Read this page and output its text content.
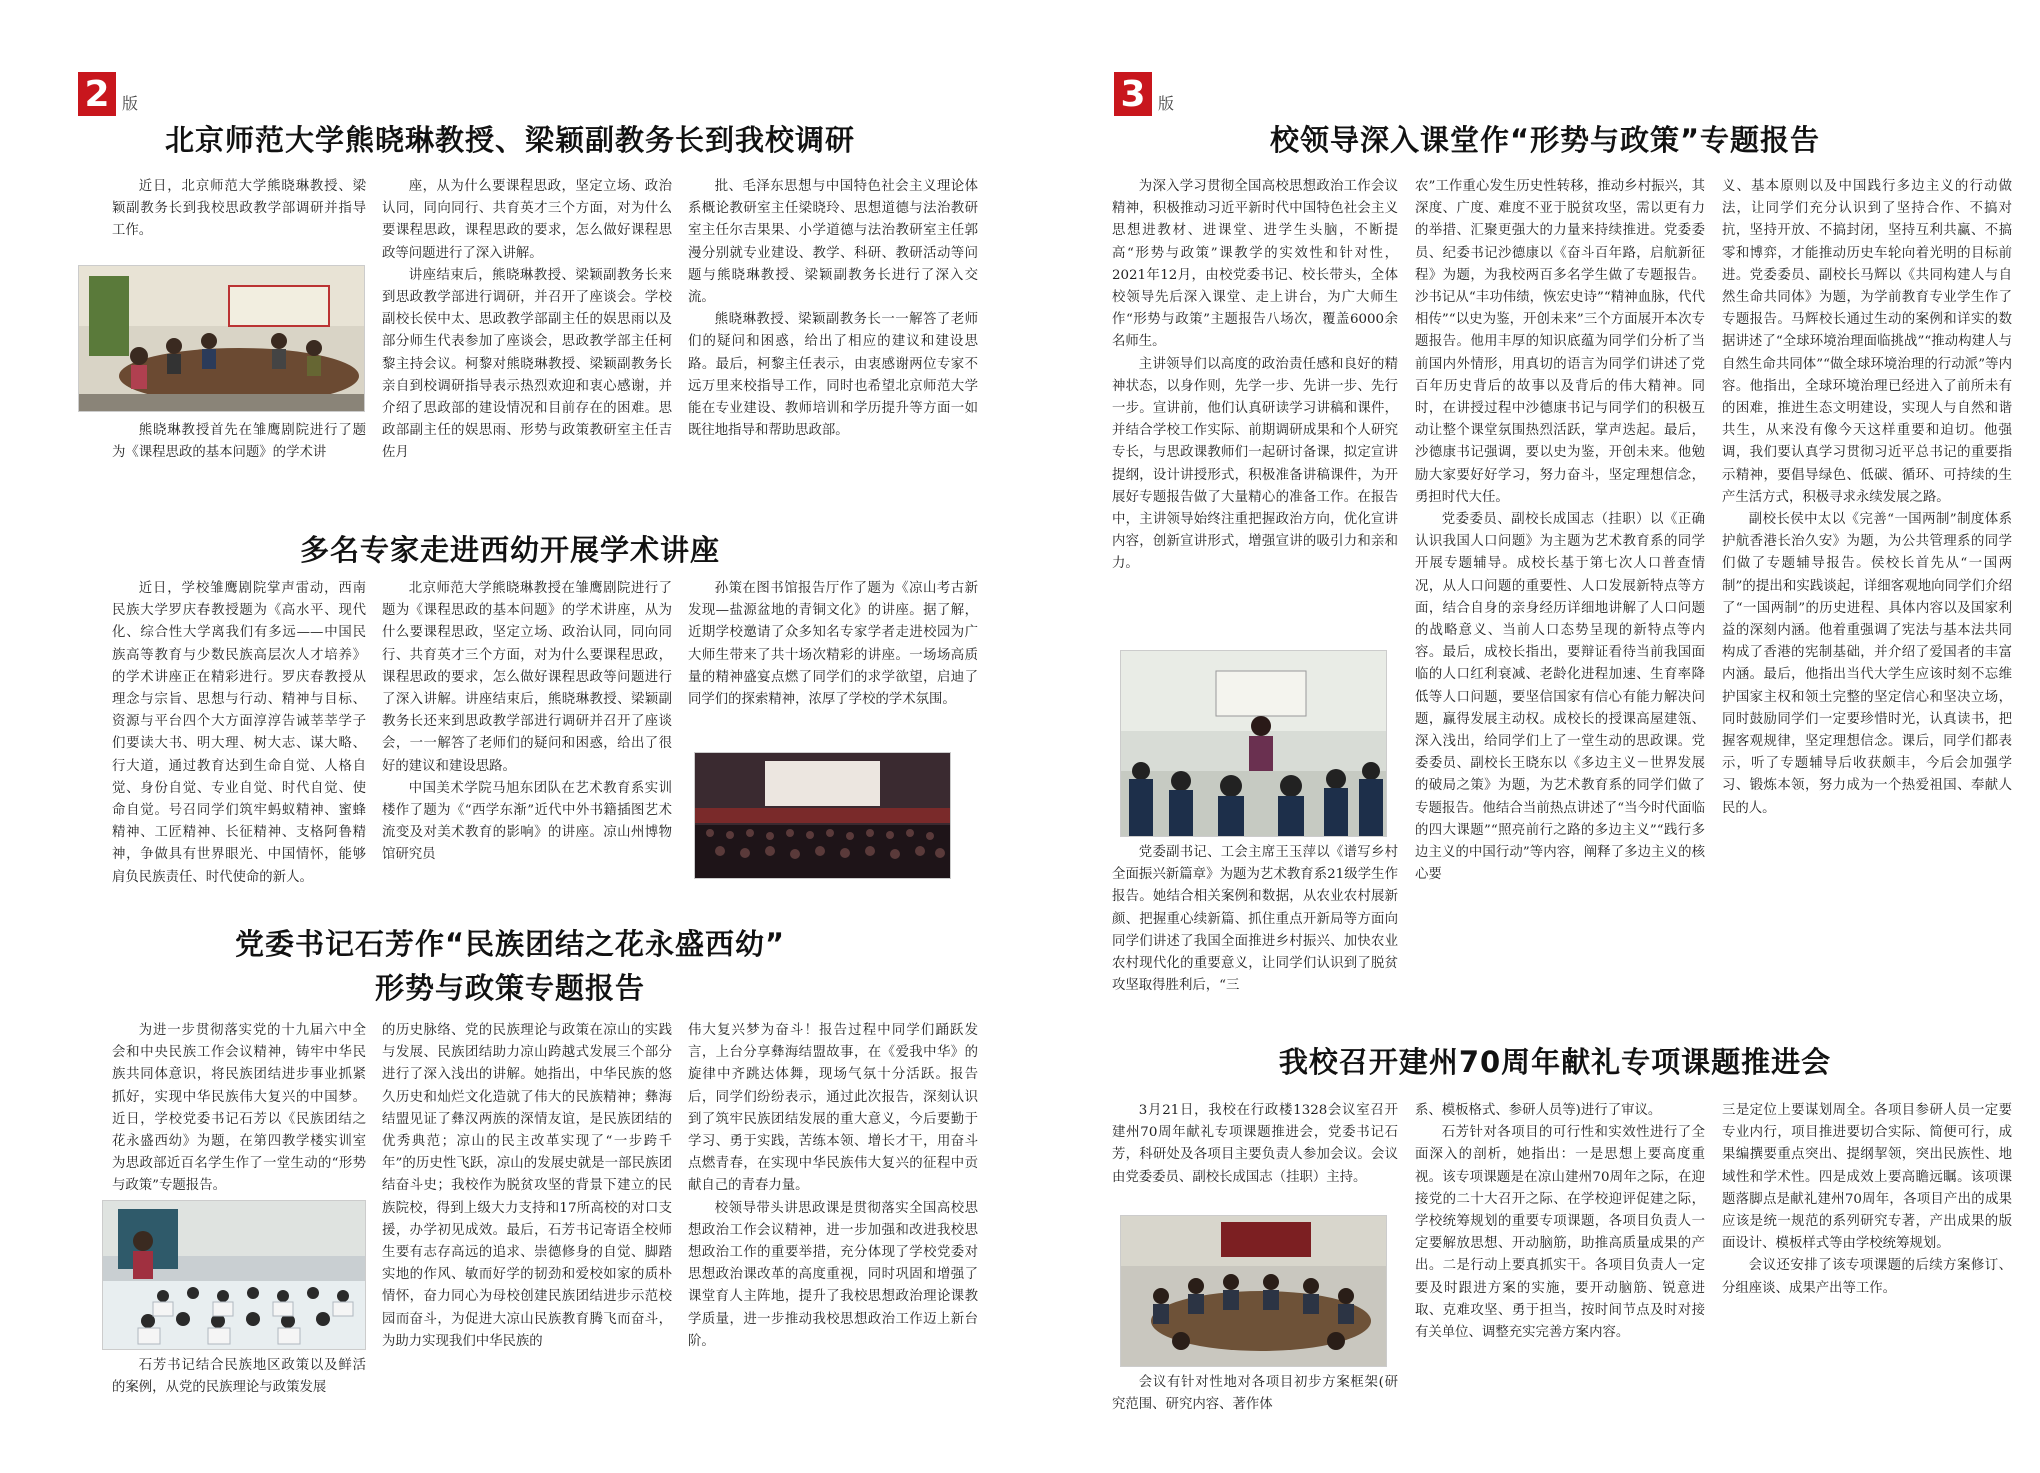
2 版
北京师范大学熊晓琳教授、梁颖副教务长到我校调研

近日，北京师范大学熊晓琳教授、梁颖副教务长到我校思政教学部调研并指导工作。

熊晓琳教授首先在雏鹰剧院进行了题为《课程思政的基本问题》的学术讲

座，从为什么要课程思政，坚定立场、政治认同，同向同行、共育英才三个方面，对为什么要课程思政，课程思政的要求，怎么做好课程思政等问题进行了深入讲解。

讲座结束后，熊晓琳教授、梁颖副教务长来到思政教学部进行调研，并召开了座谈会。学校副校长侯中太、思政教学部副主任的娱思雨以及部分师生代表参加了座谈会，思政教学部主任柯黎主持会议。柯黎对熊晓琳教授、梁颖副教务长亲自到校调研指导表示热烈欢迎和衷心感谢，并介绍了思政部的建设情况和目前存在的困难。思政部副主任的娱思雨、形势与政策教研室主任吉佐月

批、毛泽东思想与中国特色社会主义理论体系概论教研室主任梁晓玲、思想道德与法治教研室主任尔吉果果、小学道德与法治教研室主任郭漫分别就专业建设、教学、科研、教研活动等问题与熊晓琳教授、梁颖副教务长进行了深入交流。

熊晓琳教授、梁颖副教务长一一解答了老师们的疑问和困惑，给出了相应的建议和建设思路。最后，柯黎主任表示，由衷感谢两位专家不远万里来校指导工作，同时也希望北京师范大学能在专业建设、教师培训和学历提升等方面一如既往地指导和帮助思政部。

多名专家走进西幼开展学术讲座

近日，学校雏鹰剧院掌声雷动，西南民族大学罗庆春教授题为《高水平、现代化、综合性大学离我们有多远——中国民族高等教育与少数民族高层次人才培养》的学术讲座正在精彩进行。罗庆春教授从理念与宗旨、思想与行动、精神与目标、资源与平台四个大方面淳淳告诫莘莘学子们要读大书、明大理、树大志、谋大略、行大道，通过教育达到生命自觉、人格自觉、身份自觉、专业自觉、时代自觉、使命自觉。号召同学们筑牢蚂蚁精神、蜜蜂精神、工匠精神、长征精神、支格阿鲁精神，争做具有世界眼光、中国情怀，能够肩负民族责任、时代使命的新人。

北京师范大学熊晓琳教授在雏鹰剧院进行了题为《课程思政的基本问题》的学术讲座，从为什么要课程思政，坚定立场、政治认同，同向同行、共育英才三个方面，对为什么要课程思政，课程思政的要求，怎么做好课程思政等问题进行了深入讲解。讲座结束后，熊晓琳教授、梁颖副教务长还来到思政教学部进行调研并召开了座谈会，一一解答了老师们的疑问和困惑，给出了很好的建议和建设思路。

中国美术学院马旭东团队在艺术教育系实训楼作了题为《“西学东渐”近代中外书籍插图艺术流变及对美术教育的影响》的讲座。凉山州博物馆研究员

孙策在图书馆报告厅作了题为《凉山考古新发现—盐源盆地的青铜文化》的讲座。据了解，近期学校邀请了众多知名专家学者走进校园为广大师生带来了共十场次精彩的讲座。一场场高质量的精神盛宴点燃了同学们的求学欲望，启迪了同学们的探索精神，浓厚了学校的学术氛围。

党委书记石芳作“民族团结之花永盛西幼”
形势与政策专题报告

为进一步贯彻落实党的十九届六中全会和中央民族工作会议精神，铸牢中华民族共同体意识，将民族团结进步事业抓紧抓好，实现中华民族伟大复兴的中国梦。近日，学校党委书记石芳以《民族团结之花永盛西幼》为题，在第四教学楼实训室为思政部近百名学生作了一堂生动的“形势与政策”专题报告。

石芳书记结合民族地区政策以及鲜活的案例，从党的民族理论与政策发展

的历史脉络、党的民族理论与政策在凉山的实践与发展、民族团结助力凉山跨越式发展三个部分进行了深入浅出的讲解。她指出，中华民族的悠久历史和灿烂文化造就了伟大的民族精神；彝海结盟见证了彝汉两族的深情友谊，是民族团结的优秀典范；凉山的民主改革实现了“一步跨千年”的历史性飞跃，凉山的发展史就是一部民族团结奋斗史；我校作为脱贫攻坚的背景下建立的民族院校，得到上级大力支持和17所高校的对口支援，办学初见成效。最后，石芳书记寄语全校师生要有志存高远的追求、崇德修身的自觉、脚踏实地的作风、敏而好学的韧劲和爱校如家的质朴情怀，奋力同心为母校创建民族团结进步示范校园而奋斗，为促进大凉山民族教育腾飞而奋斗，为助力实现我们中华民族的

伟大复兴梦为奋斗！报告过程中同学们踊跃发言，上台分享彝海结盟故事，在《爱我中华》的旋律中齐跳达体舞，现场气氛十分活跃。报告后，同学们纷纷表示，通过此次报告，深刻认识到了筑牢民族团结发展的重大意义，今后要勤于学习、勇于实践，苦练本领、增长才干，用奋斗点燃青春，在实现中华民族伟大复兴的征程中贡献自己的青春力量。

校领导带头讲思政课是贯彻落实全国高校思想政治工作会议精神，进一步加强和改进我校思想政治工作的重要举措，充分体现了学校党委对思想政治课改革的高度重视，同时巩固和增强了课堂育人主阵地，提升了我校思想政治理论课教学质量，进一步推动我校思想政治工作迈上新台阶。

3 版
校领导深入课堂作“形势与政策”专题报告

为深入学习贯彻全国高校思想政治工作会议精神，积极推动习近平新时代中国特色社会主义思想进教材、进课堂、进学生头脑，不断提高“形势与政策”课教学的实效性和针对性，2021年12月，由校党委书记、校长带头，全体校领导先后深入课堂、走上讲台，为广大师生作“形势与政策”主题报告八场次，覆盖6000余名师生。

主讲领导们以高度的政治责任感和良好的精神状态，以身作则，先学一步、先讲一步、先行一步。宣讲前，他们认真研读学习讲稿和课件，并结合学校工作实际、前期调研成果和个人研究专长，与思政课教师们一起研讨备课，拟定宣讲提纲，设计讲授形式，积极准备讲稿课件，为开展好专题报告做了大量精心的准备工作。在报告中，主讲领导始终注重把握政治方向，优化宣讲内容，创新宣讲形式，增强宣讲的吸引力和亲和力。

党委副书记、工会主席王玉萍以《谱写乡村全面振兴新篇章》为题为艺术教育系21级学生作报告。她结合相关案例和数据，从农业农村展新颜、把握重心续新篇、抓住重点开新局等方面向同学们讲述了我国全面推进乡村振兴、加快农业农村现代化的重要意义，让同学们认识到了脱贫攻坚取得胜利后，“三

农”工作重心发生历史性转移，推动乡村振兴，其深度、广度、难度不亚于脱贫攻坚，需以更有力的举措、汇聚更强大的力量来持续推进。党委委员、纪委书记沙德康以《奋斗百年路，启航新征程》为题，为我校两百多名学生做了专题报告。沙书记从“丰功伟绩，恢宏史诗”“精神血脉，代代相传”“以史为鉴，开创未来”三个方面展开本次专题报告。他用丰厚的知识底蕴为同学们分析了当前国内外情形，用真切的语言为同学们讲述了党百年历史背后的故事以及背后的伟大精神。同时，在讲授过程中沙德康书记与同学们的积极互动让整个课堂氛围热烈活跃，掌声迭起。最后，沙德康书记强调，要以史为鉴，开创未来。他勉励大家要好好学习，努力奋斗，坚定理想信念，勇担时代大任。

党委委员、副校长成国志（挂职）以《正确认识我国人口问题》为主题为艺术教育系的同学开展专题辅导。成校长基于第七次人口普查情况，从人口问题的重要性、人口发展新特点等方面，结合自身的亲身经历详细地讲解了人口问题的战略意义、当前人口态势呈现的新特点等内容。最后，成校长指出，要辩证看待当前我国面临的人口红利衰减、老龄化进程加速、生育率降低等人口问题，要坚信国家有信心有能力解决问题，赢得发展主动权。成校长的授课高屋建瓴、深入浅出，给同学们上了一堂生动的思政课。党委委员、副校长王晓东以《多边主义－世界发展的破局之策》为题，为艺术教育系的同学们做了专题报告。他结合当前热点讲述了“当今时代面临的四大课题”“照亮前行之路的多边主义”“践行多边主义的中国行动”等内容，阐释了多边主义的核心要

义、基本原则以及中国践行多边主义的行动做法，让同学们充分认识到了坚持合作、不搞对抗，坚持开放、不搞封闭，坚持互利共赢、不搞零和博弈，才能推动历史车轮向着光明的目标前进。党委委员、副校长马辉以《共同构建人与自然生命共同体》为题，为学前教育专业学生作了专题报告。马辉校长通过生动的案例和详实的数据讲述了“全球环境治理面临挑战”“推动构建人与自然生命共同体”“做全球环境治理的行动派”等内容。他指出，全球环境治理已经进入了前所未有的困难，推进生态文明建设，实现人与自然和谐共生，从来没有像今天这样重要和迫切。他强调，我们要认真学习贯彻习近平总书记的重要指示精神，要倡导绿色、低碳、循环、可持续的生产生活方式，积极寻求永续发展之路。

副校长侯中太以《完善“一国两制”制度体系护航香港长治久安》为题，为公共管理系的同学们做了专题辅导报告。侯校长首先从“一国两制”的提出和实践谈起，详细客观地向同学们介绍了“一国两制”的历史进程、具体内容以及国家利益的深刻内涵。他着重强调了宪法与基本法共同构成了香港的宪制基础，并介绍了爱国者的丰富内涵。最后，他指出当代大学生应该时刻不忘维护国家主权和领土完整的坚定信心和坚决立场，同时鼓励同学们一定要珍惜时光，认真读书，把握客观规律，坚定理想信念。课后，同学们都表示，听了专题辅导后收获颇丰，今后会加强学习、锻炼本领，努力成为一个热爱祖国、奉献人民的人。

我校召开建州70周年献礼专项课题推进会

3月21日，我校在行政楼1328会议室召开建州70周年献礼专项课题推进会，党委书记石芳，科研处及各项目主要负责人参加会议。会议由党委委员、副校长成国志（挂职）主持。

会议有针对性地对各项目初步方案框架(研究范围、研究内容、著作体

系、模板格式、参研人员等)进行了审议。

石芳针对各项目的可行性和实效性进行了全面深入的剖析，她指出：一是思想上要高度重视。该专项课题是在凉山建州70周年之际，在迎接党的二十大召开之际、在学校迎评促建之际，学校统筹规划的重要专项课题，各项目负责人一定要解放思想、开动脑筋，助推高质量成果的产出。二是行动上要真抓实干。各项目负责人一定要及时跟进方案的实施，要开动脑筋、锐意进取、克难攻坚、勇于担当，按时间节点及时对接有关单位、调整充实完善方案内容。

三是定位上要谋划周全。各项目参研人员一定要专业内行，项目推进要切合实际、简便可行，成果编撰要重点突出、提纲挈领，突出民族性、地域性和学术性。四是成效上要高瞻远瞩。该项课题落脚点是献礼建州70周年，各项目产出的成果应该是统一规范的系列研究专著，产出成果的版面设计、模板样式等由学校统筹规划。

会议还安排了该专项课题的后续方案修订、分组座谈、成果产出等工作。
